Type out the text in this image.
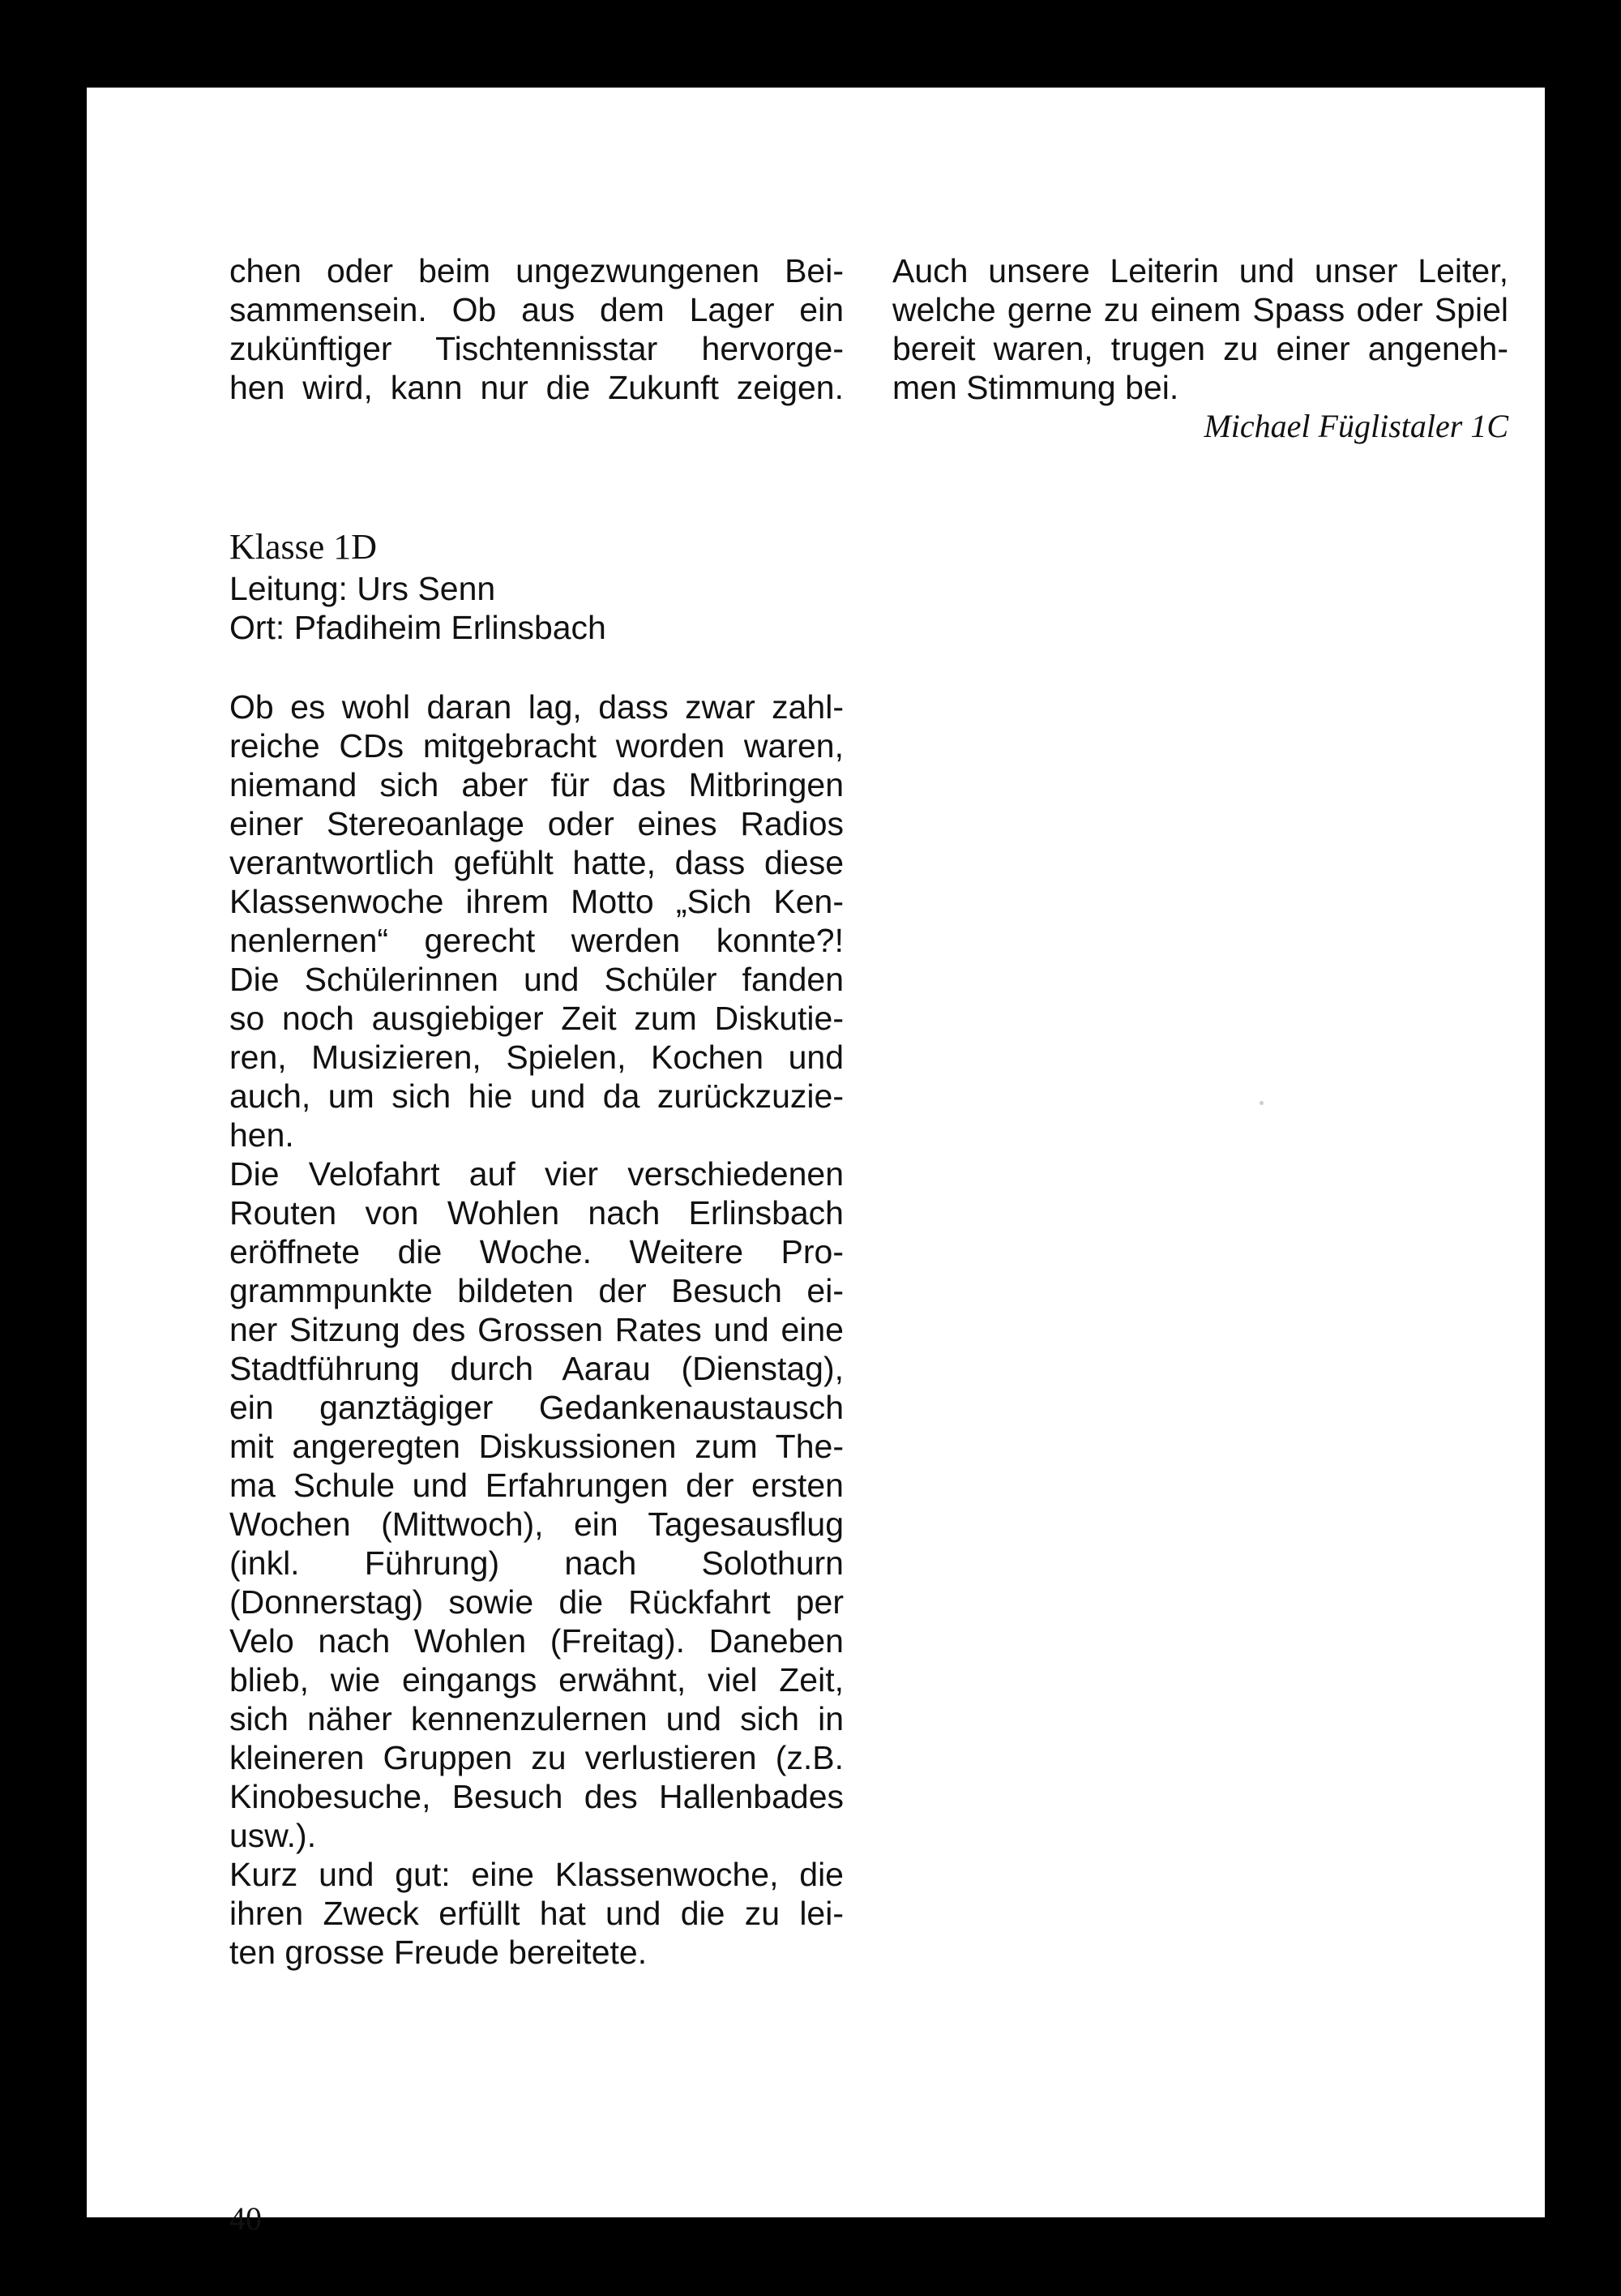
chen oder beim ungezwungenen Bei-
sammensein. Ob aus dem Lager ein
zukünftiger Tischtennisstar hervorge-
hen wird, kann nur die Zukunft zeigen.
Auch unsere Leiterin und unser Leiter,
welche gerne zu einem Spass oder Spiel
bereit waren, trugen zu einer angeneh-
men Stimmung bei.
Michael Füglistaler 1C
Klasse 1D
Leitung: Urs Senn
Ort: Pfadiheim Erlinsbach
Ob es wohl daran lag, dass zwar zahl-
reiche CDs mitgebracht worden waren,
niemand sich aber für das Mitbringen
einer Stereoanlage oder eines Radios
verantwortlich gefühlt hatte, dass diese
Klassenwoche ihrem Motto „Sich Ken-
nenlernen“ gerecht werden konnte?!
Die Schülerinnen und Schüler fanden
so noch ausgiebiger Zeit zum Diskutie-
ren, Musizieren, Spielen, Kochen und
auch, um sich hie und da zurückzuzie-
hen.
Die Velofahrt auf vier verschiedenen
Routen von Wohlen nach Erlinsbach
eröffnete die Woche. Weitere Pro-
grammpunkte bildeten der Besuch ei-
ner Sitzung des Grossen Rates und eine
Stadtführung durch Aarau (Dienstag),
ein ganztägiger Gedankenaustausch
mit angeregten Diskussionen zum The-
ma Schule und Erfahrungen der ersten
Wochen (Mittwoch), ein Tagesausflug
(inkl. Führung) nach Solothurn
(Donnerstag) sowie die Rückfahrt per
Velo nach Wohlen (Freitag). Daneben
blieb, wie eingangs erwähnt, viel Zeit,
sich näher kennenzulernen und sich in
kleineren Gruppen zu verlustieren (z.B.
Kinobesuche, Besuch des Hallenbades
usw.).
Kurz und gut: eine Klassenwoche, die
ihren Zweck erfüllt hat und die zu lei-
ten grosse Freude bereitete.
40
